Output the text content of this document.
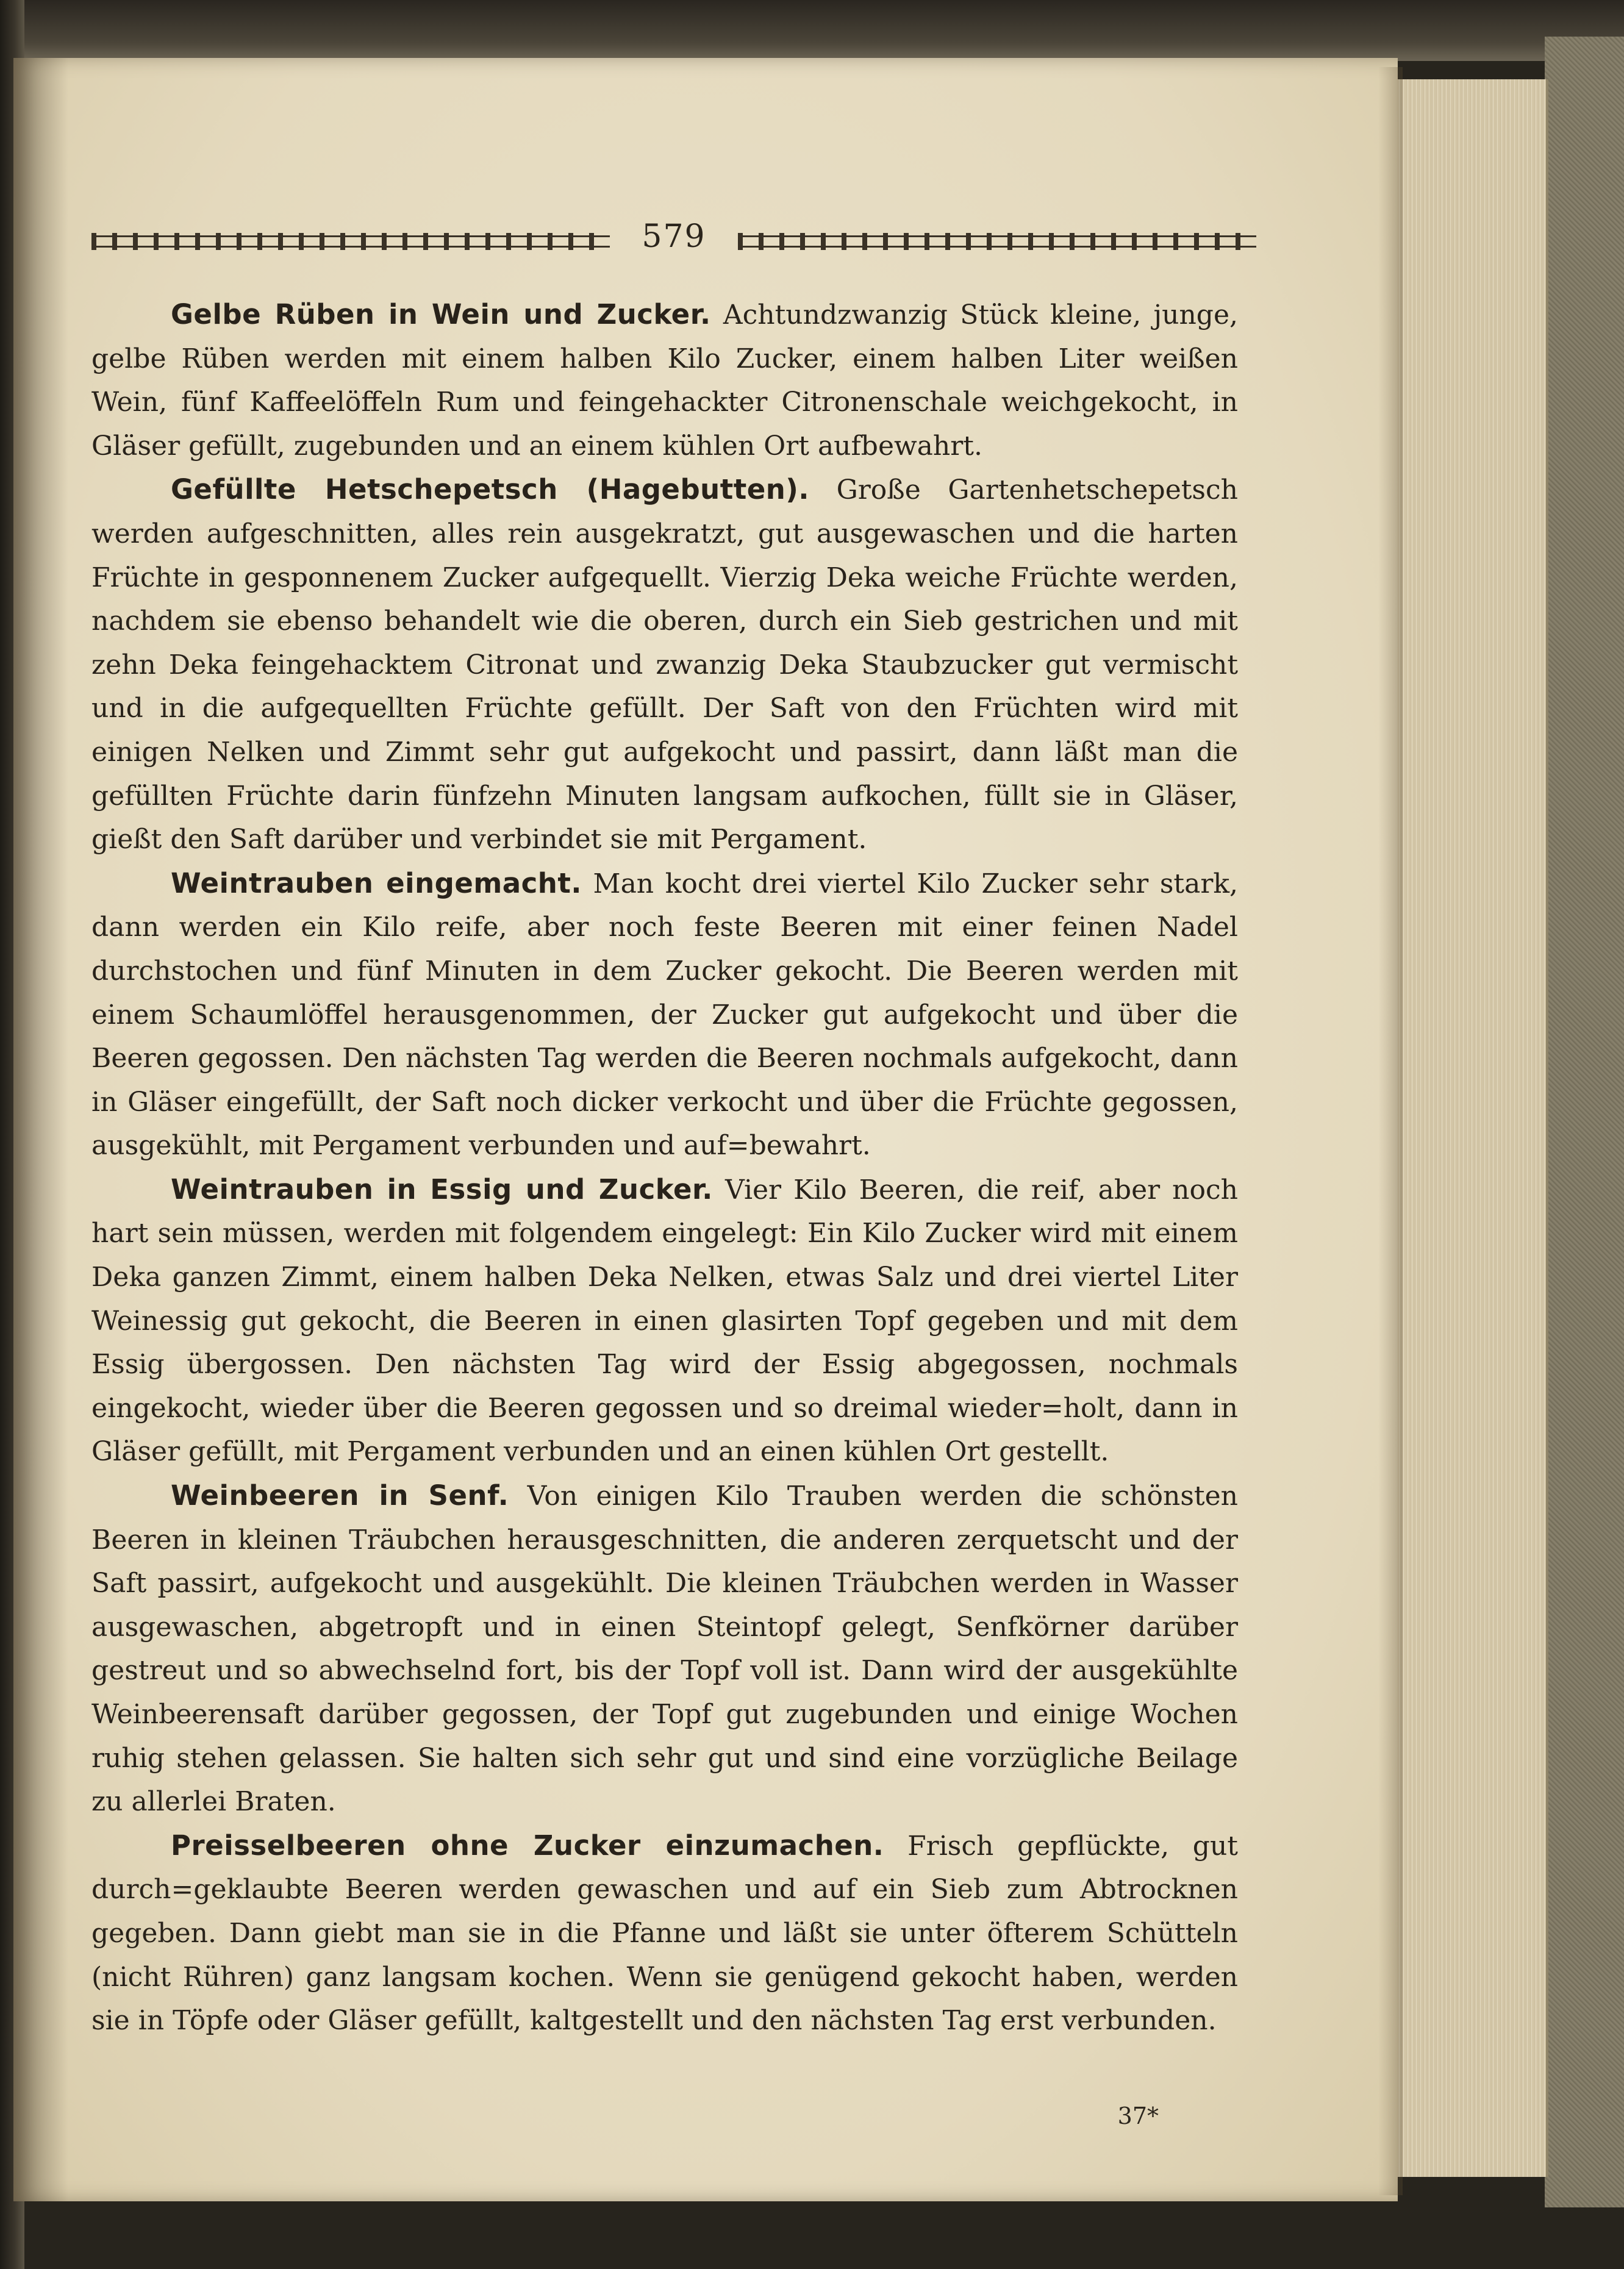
579

Gelbe Rüben in Wein und Zucker. Achtundzwanzig Stück kleine, junge, gelbe Rüben werden mit einem halben Kilo Zucker, einem halben Liter weißen Wein, fünf Kaffeelöffeln Rum und feingehackter Citronenschale weichgekocht, in Gläser gefüllt, zugebunden und an einem kühlen Ort aufbewahrt.

Gefüllte Hetschepetsch (Hagebutten). Große Gartenhetschepetsch werden aufgeschnitten, alles rein ausgekratzt, gut ausgewaschen und die harten Früchte in gesponnenem Zucker aufgequellt. Vierzig Deka weiche Früchte werden, nachdem sie ebenso behandelt wie die oberen, durch ein Sieb gestrichen und mit zehn Deka feingehacktem Citronat und zwanzig Deka Staubzucker gut vermischt und in die aufgequellten Früchte gefüllt. Der Saft von den Früchten wird mit einigen Nelken und Zimmt sehr gut aufgekocht und passirt, dann läßt man die gefüllten Früchte darin fünfzehn Minuten langsam aufkochen, füllt sie in Gläser, gießt den Saft darüber und verbindet sie mit Pergament.

Weintrauben eingemacht. Man kocht drei viertel Kilo Zucker sehr stark, dann werden ein Kilo reife, aber noch feste Beeren mit einer feinen Nadel durchstochen und fünf Minuten in dem Zucker gekocht. Die Beeren werden mit einem Schaumlöffel herausgenommen, der Zucker gut aufgekocht und über die Beeren gegossen. Den nächsten Tag werden die Beeren nochmals aufgekocht, dann in Gläser eingefüllt, der Saft noch dicker verkocht und über die Früchte gegossen, ausgekühlt, mit Pergament verbunden und auf=bewahrt.

Weintrauben in Essig und Zucker. Vier Kilo Beeren, die reif, aber noch hart sein müssen, werden mit folgendem eingelegt: Ein Kilo Zucker wird mit einem Deka ganzen Zimmt, einem halben Deka Nelken, etwas Salz und drei viertel Liter Weinessig gut gekocht, die Beeren in einen glasirten Topf gegeben und mit dem Essig übergossen. Den nächsten Tag wird der Essig abgegossen, nochmals eingekocht, wieder über die Beeren gegossen und so dreimal wieder=holt, dann in Gläser gefüllt, mit Pergament verbunden und an einen kühlen Ort gestellt.

Weinbeeren in Senf. Von einigen Kilo Trauben werden die schönsten Beeren in kleinen Träubchen herausgeschnitten, die anderen zerquetscht und der Saft passirt, aufgekocht und ausgekühlt. Die kleinen Träubchen werden in Wasser ausgewaschen, abgetropft und in einen Steintopf gelegt, Senfkörner darüber gestreut und so abwechselnd fort, bis der Topf voll ist. Dann wird der ausgekühlte Weinbeerensaft darüber gegossen, der Topf gut zugebunden und einige Wochen ruhig stehen gelassen. Sie halten sich sehr gut und sind eine vorzügliche Beilage zu allerlei Braten.

Preisselbeeren ohne Zucker einzumachen. Frisch gepflückte, gut durch=geklaubte Beeren werden gewaschen und auf ein Sieb zum Abtrocknen gegeben. Dann giebt man sie in die Pfanne und läßt sie unter öfterem Schütteln (nicht Rühren) ganz langsam kochen. Wenn sie genügend gekocht haben, werden sie in Töpfe oder Gläser gefüllt, kaltgestellt und den nächsten Tag erst verbunden.

37*
